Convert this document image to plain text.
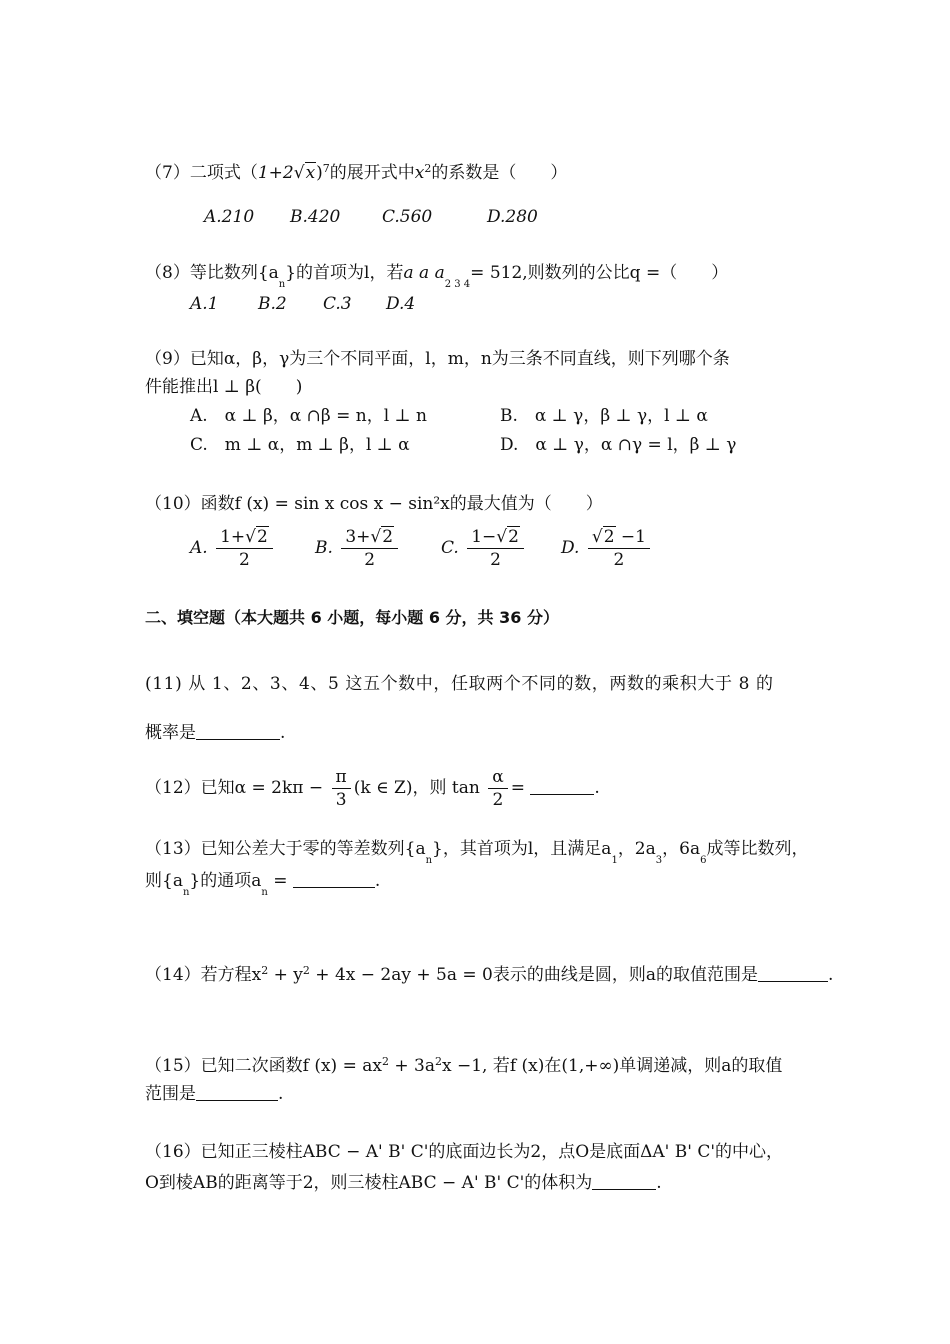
（7）二项式（1+2√x)$^7$的展开式中$x^2$的系数是（　　）
A.210 B.420 C.560	D.280
（8）等比数列$\{a_n\}$的首项为l，若a a $a_{2 3 4}= 512$,则数列的公比q =（　　）
A.1 B.2 C.3 D.4
（9）已知α，β，γ为三个不同平面，l，m，n为三条不同直线，则下列哪个条
件能推出l ⊥ β(　　)
A.　α ⊥ β，α ∩β = n，l ⊥ n	B.　α ⊥ γ，β ⊥ γ，l ⊥ α
C.　m ⊥ α，m ⊥ β，l ⊥ α	D.　α ⊥ γ，α ∩γ = l，β ⊥ γ
（10）函数f (x) = sin x cos x − sin²x的最大值为（　　）
A. $\frac{1+√2}{2} B$. $\frac{3+√2}{2}$	C. $\frac{1-√2}{2} D$. $\frac{√2 -1}{2}$
二、填空题（本大题共 6 小题，每小题 6 分，共 36 分）
(11) 从 1、2、3、4、5 这五个数中，任取两个不同的数，两数的乘积大于 8 的
概率是	.
（12）已知$\alpha = 2k\pi - \frac{\pi}{3} (k$ ∈ Z)，则 $\tan \frac{\alpha}{2}$ =	.
（13）已知公差大于零的等差数列$\{a_n\}$，其首项为l，且满足$a_1$，$2a_3$，$6a_6$成等比数列，
则$\{a_n\}$的通项$a_n$ =	.
（14）若方程$x^2 + y^2 + 4x - 2ay + 5a = 0$表示的曲线是圆，则a的取值范围是	.
（15）已知二次函数f $(x) = ax^2 + 3a^2x -1$, 若f (x)在(1,+∞)单调递减，则a的取值
范围是	.
（16）已知正三棱柱ABC − A' B' C'的底面边长为2，点O是底面ΔA' B' C'的中心，
O到棱AB的距离等于2，则三棱柱ABC − A' B' C'的体积为	.
